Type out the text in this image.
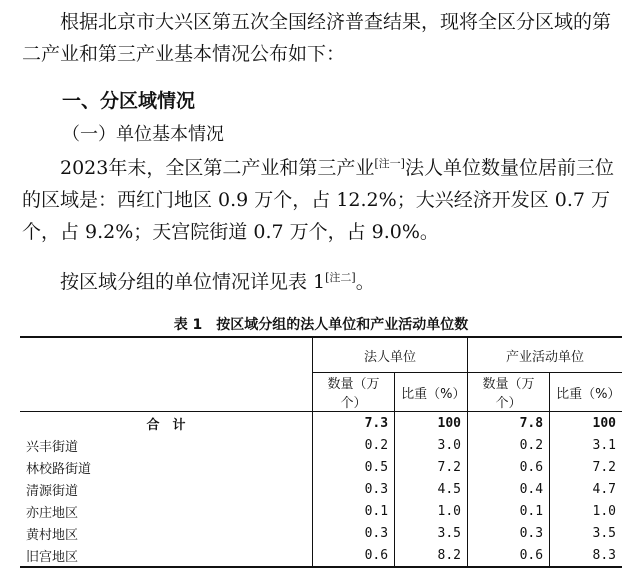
根据北京市大兴区第五次全国经济普查结果，现将全区分区域的第二产业和第三产业基本情况公布如下：
一、分区域情况
（一）单位基本情况
2023年末，全区第二产业和第三产业[注一]法人单位数量位居前三位的区域是：西红门地区 0.9 万个，占 12.2%；大兴经济开发区 0.7 万个，占 9.2%；天宫院街道 0.7 万个，占 9.0%。
按区域分组的单位情况详见表 1[注二]。
表 1　按区域分组的法人单位和产业活动单位数
	法人单位		产业活动单位	
	数量（万个）	比重（%）	数量（万个）	比重（%）
合　计	7.3	100	7.8	100
兴丰街道	0.2	3.0	0.2	3.1
林校路街道	0.5	7.2	0.6	7.2
清源街道	0.3	4.5	0.4	4.7
亦庄地区	0.1	1.0	0.1	1.0
黄村地区	0.3	3.5	0.3	3.5
旧宫地区	0.6	8.2	0.6	8.3
